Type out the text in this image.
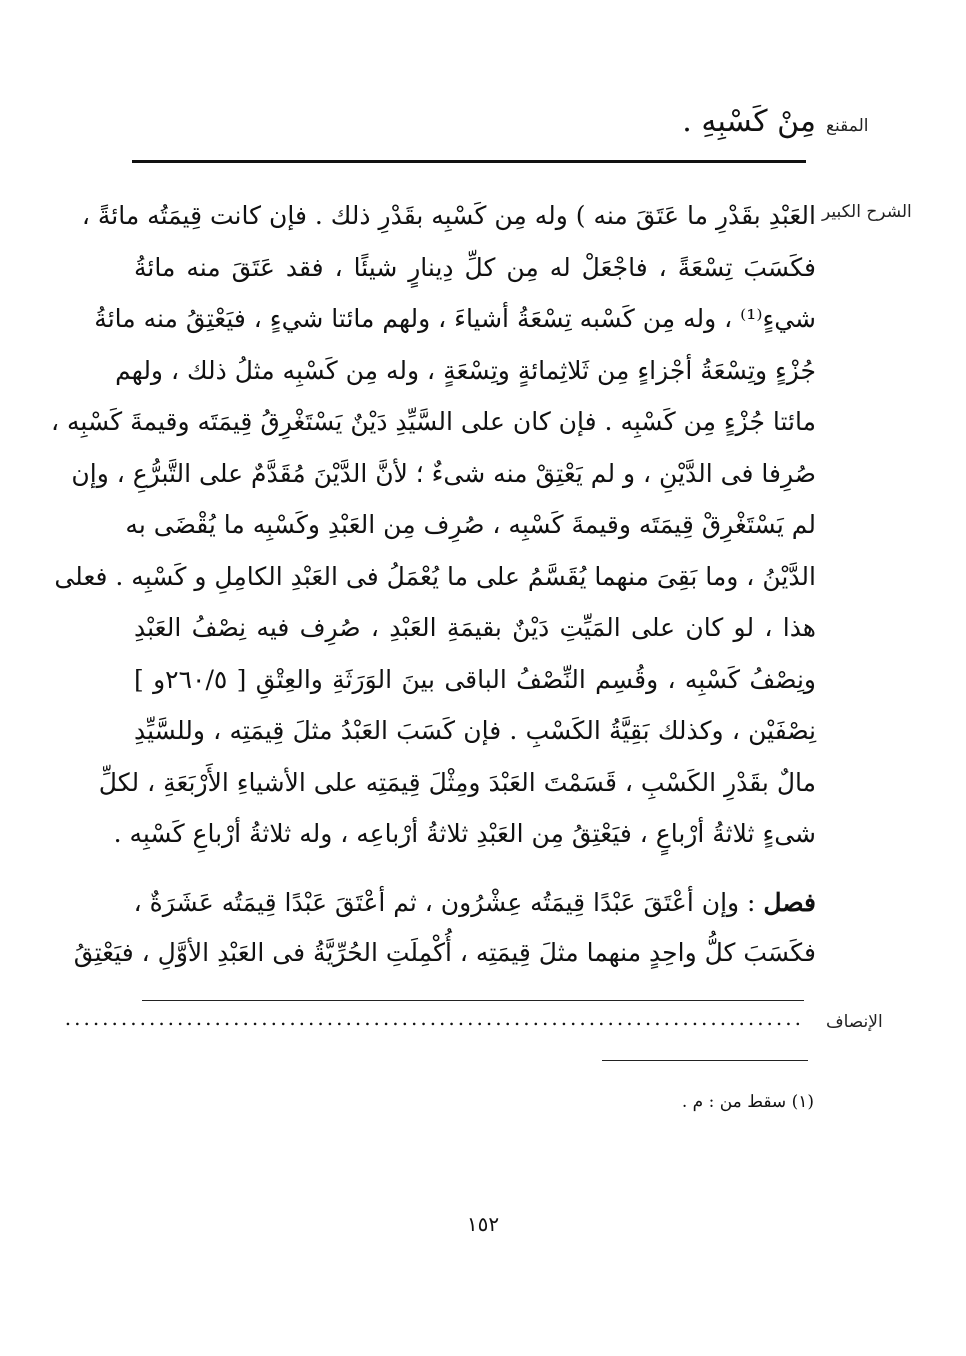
المقنع
مِنْ كَسْبِهِ .
الشرح الكبير
العَبْدِ بقَدْرِ ما عَتَقَ منه ) وله مِن كَسْبِه بقَدْرِ ذلك . فإن كانت قِيمَتُه مائةً ،
فكَسَبَ تِسْعَةً ، فاجْعَلْ له مِن كلِّ دِينارٍ شيئًا ، فقد عَتَقَ منه مائةُ
شيءٍ⁽¹⁾ ، وله مِن كَسْبه تِسْعَةُ أشياءَ ، ولهم مائتا شيءٍ ، فيَعْتِقُ منه مائةُ
جُزْءٍ وتِسْعَةُ أجْزاءٍ مِن ثَلاثِمائةٍ وتِسْعَةٍ ، وله مِن كَسْبِه مثلُ ذلك ، ولهم
مائتا جُزْءٍ مِن كَسْبِه . فإن كان على السَّيِّدِ دَيْنٌ يَسْتَغْرِقُ قِيمَتَه وقيمةَ كَسْبِه ،
صُرِفا فى الدَّيْنِ ، و لم يَعْتِقْ منه شىءٌ ؛ لأنَّ الدَّيْنَ مُقَدَّمٌ على التَّبرُّعِ ، وإن
لم يَسْتَغْرِقْ قِيمَتَه وقيمةَ كَسْبِه ، صُرِف مِن العَبْدِ وكَسْبِه ما يُقْضَى به
الدَّيْنُ ، وما بَقِىَ منهما يُقَسَّمُ على ما يُعْمَلُ فى العَبْدِ الكامِلِ و كَسْبِه . فعلى
هذا ، لو كان على المَيِّتِ دَيْنٌ بقيمَةِ العَبْدِ ، صُرِف فيه نِصْفُ العَبْدِ
ونِصْفُ كَسْبِه ، وقُسِم النِّصْفُ الباقى بينَ الوَرَثَةِ والعِتْقِ [ ٢٦٠/٥و ]
نِصْفَيْن ، وكذلك بَقِيَّةُ الكَسْبِ . فإن كَسَبَ العَبْدُ مثلَ قِيمَتِه ، وللسَّيِّدِ
مالٌ بقَدْرِ الكَسْبِ ، قَسَمْتَ العَبْدَ ومِثْلَ قِيمَتِه على الأشياءِ الأَرْبَعَةِ ، لكلِّ
شىءٍ ثلاثةُ أرْباعٍ ، فيَعْتِقُ مِن العَبْدِ ثلاثةُ أرْباعِه ، وله ثلاثةُ أرْباعِ كَسْبِه .
فصل : وإن أعْتَقَ عَبْدًا قِيمَتُه عِشْرُون ، ثم أعْتَقَ عَبْدًا قِيمَتُه عَشَرَةٌ ،
فكَسَبَ كلُّ واحِدٍ منهما مثلَ قِيمَتِه ، أُكْمِلَتِ الحُرِّيَّةُ فى العَبْدِ الأوَّلِ ، فيَعْتِقُ
الإنصاف
...............................................................................
(١) سقط من : م .
١٥٢
